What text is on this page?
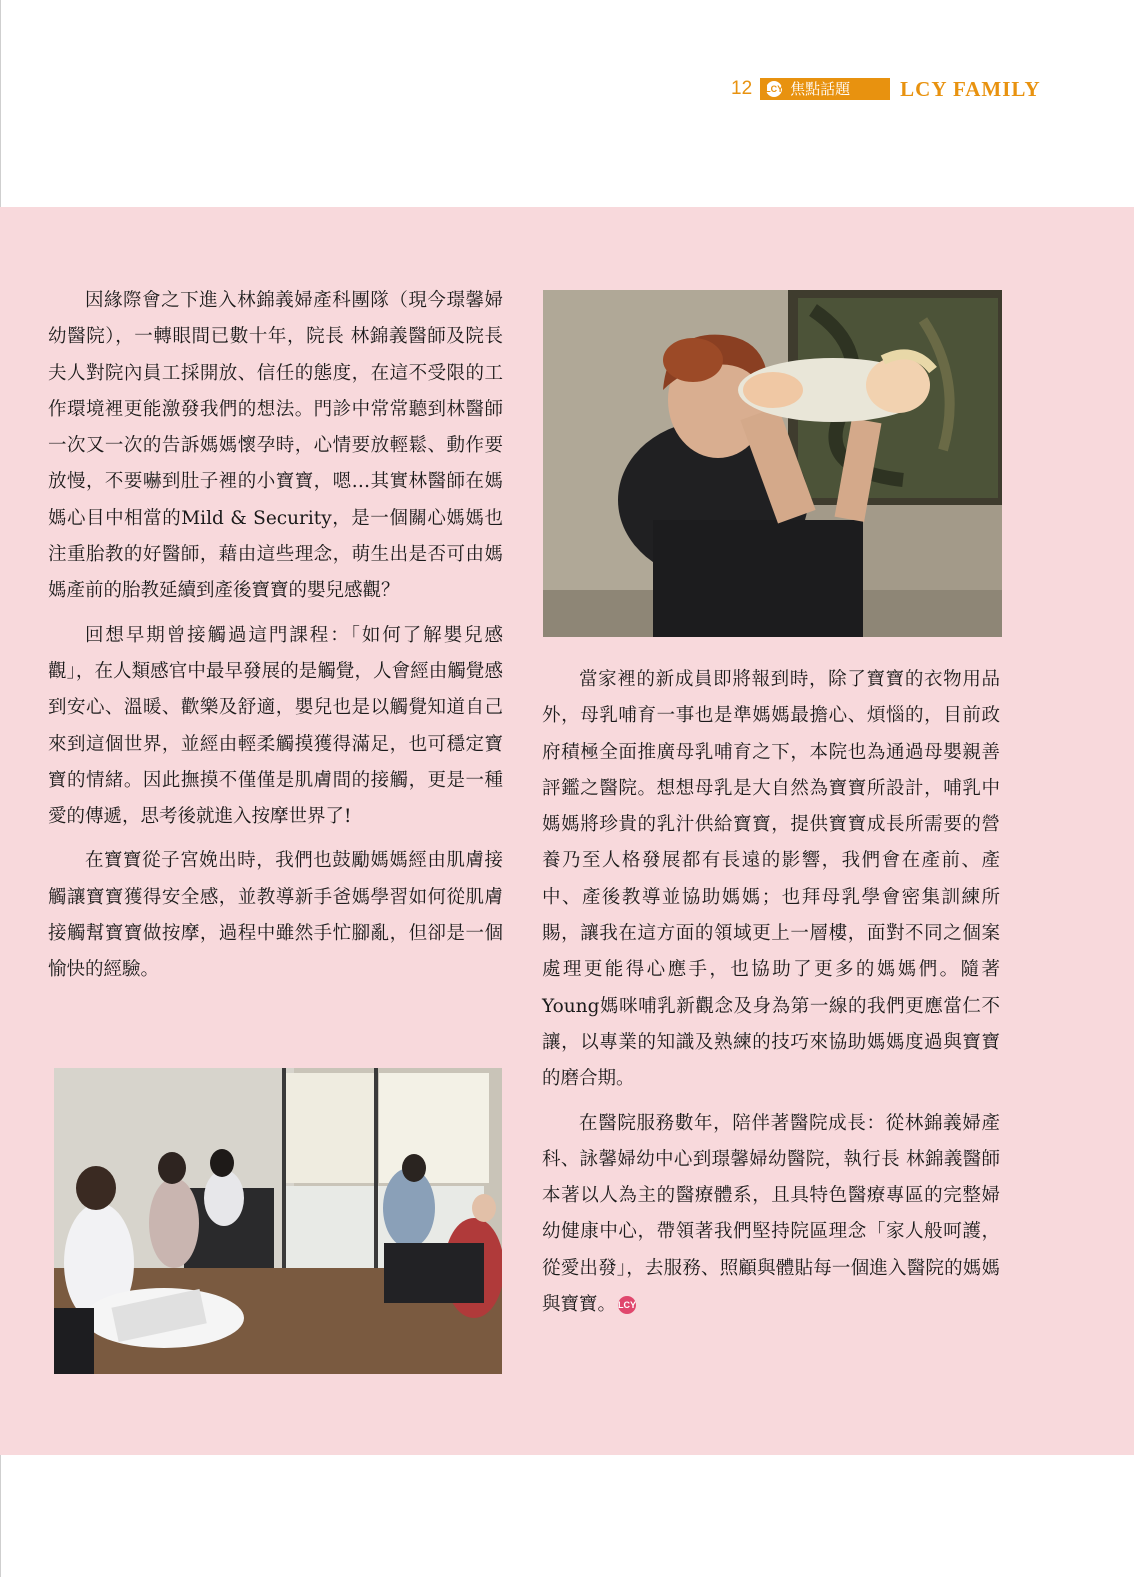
12 LCY 焦點話題 LCY FAMILY

因緣際會之下進入林錦義婦產科團隊（現今璟馨婦幼醫院），一轉眼間已數十年，院長 林錦義醫師及院長夫人對院內員工採開放、信任的態度，在這不受限的工作環境裡更能激發我們的想法。門診中常常聽到林醫師一次又一次的告訴媽媽懷孕時，心情要放輕鬆、動作要放慢，不要嚇到肚子裡的小寶寶，嗯…其實林醫師在媽媽心目中相當的Mild & Security，是一個關心媽媽也注重胎教的好醫師，藉由這些理念，萌生出是否可由媽媽產前的胎教延續到產後寶寶的嬰兒感觀？

回想早期曾接觸過這門課程：「如何了解嬰兒感觀」，在人類感官中最早發展的是觸覺，人會經由觸覺感到安心、溫暖、歡樂及舒適，嬰兒也是以觸覺知道自己來到這個世界，並經由輕柔觸摸獲得滿足，也可穩定寶寶的情緒。因此撫摸不僅僅是肌膚間的接觸，更是一種愛的傳遞，思考後就進入按摩世界了!

在寶寶從子宮娩出時，我們也鼓勵媽媽經由肌膚接觸讓寶寶獲得安全感，並教導新手爸媽學習如何從肌膚接觸幫寶寶做按摩，過程中雖然手忙腳亂，但卻是一個愉快的經驗。

當家裡的新成員即將報到時，除了寶寶的衣物用品外，母乳哺育一事也是準媽媽最擔心、煩惱的，目前政府積極全面推廣母乳哺育之下，本院也為通過母嬰親善評鑑之醫院。想想母乳是大自然為寶寶所設計，哺乳中媽媽將珍貴的乳汁供給寶寶，提供寶寶成長所需要的營養乃至人格發展都有長遠的影響，我們會在產前、產中、產後教導並協助媽媽；也拜母乳學會密集訓練所賜，讓我在這方面的領域更上一層樓，面對不同之個案處理更能得心應手，也協助了更多的媽媽們。隨著Young媽咪哺乳新觀念及身為第一線的我們更應當仁不讓，以專業的知識及熟練的技巧來協助媽媽度過與寶寶的磨合期。

在醫院服務數年，陪伴著醫院成長：從林錦義婦產科、詠馨婦幼中心到璟馨婦幼醫院，執行長 林錦義醫師本著以人為主的醫療體系，且具特色醫療專區的完整婦幼健康中心，帶領著我們堅持院區理念「家人般呵護，從愛出發」，去服務、照顧與體貼每一個進入醫院的媽媽與寶寶。 LCY
